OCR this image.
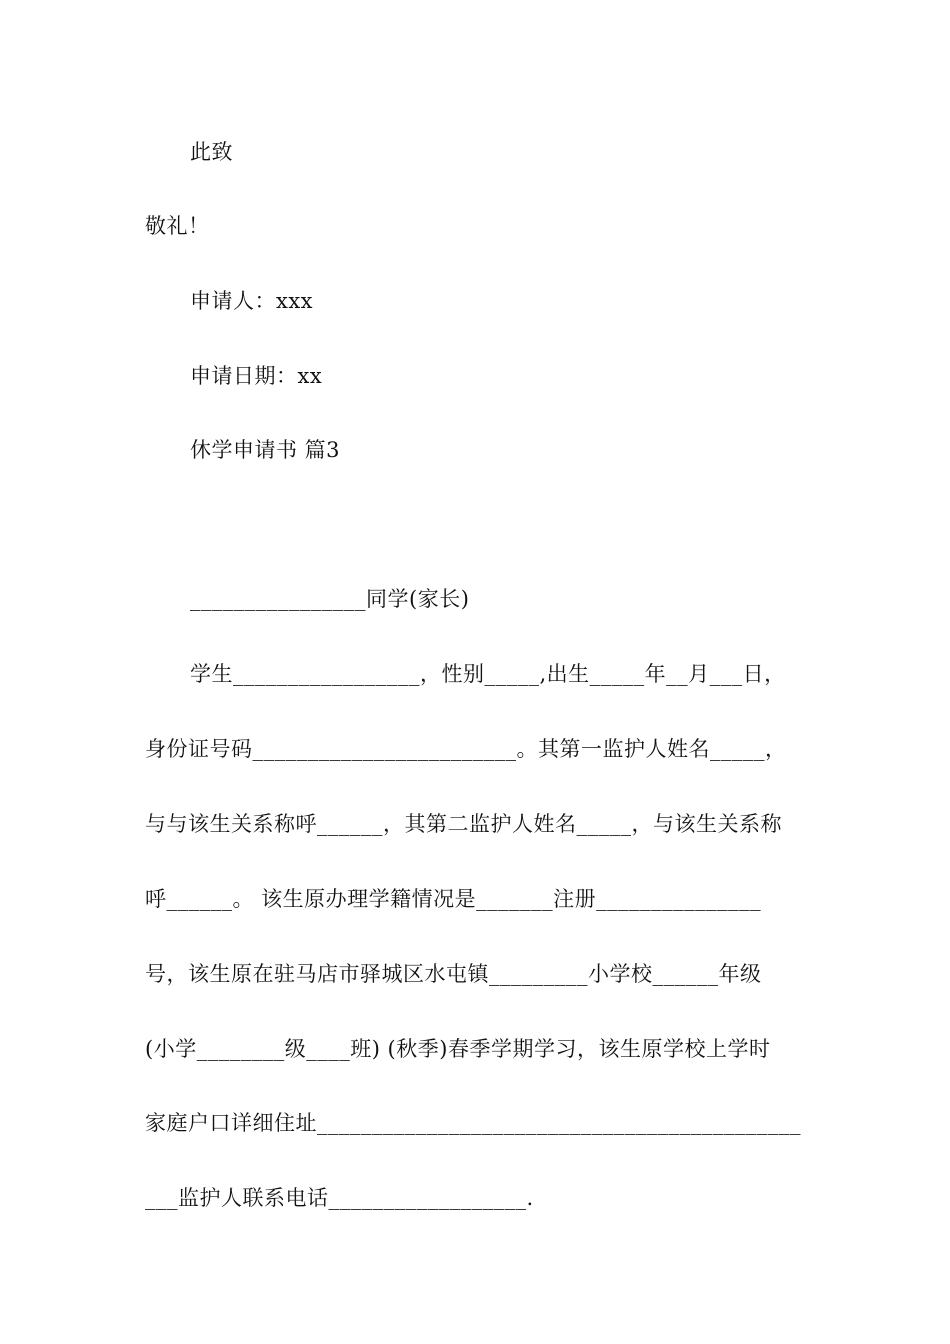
此致
敬礼！
申请人：xxx
申请日期：xx
休学申请书 篇3
________________同学(家长)
学生_________________，性别_____,出生_____年__月___日，
身份证号码________________________。其第一监护人姓名_____，
与与该生关系称呼______，其第二监护人姓名_____，与该生关系称
呼______。 该生原办理学籍情况是_______注册_______________
号，该生原在驻马店市驿城区水屯镇_________小学校______年级
(小学________级____班) (秋季)春季学期学习，该生原学校上学时
家庭户口详细住址____________________________________________
___监护人联系电话__________________.
